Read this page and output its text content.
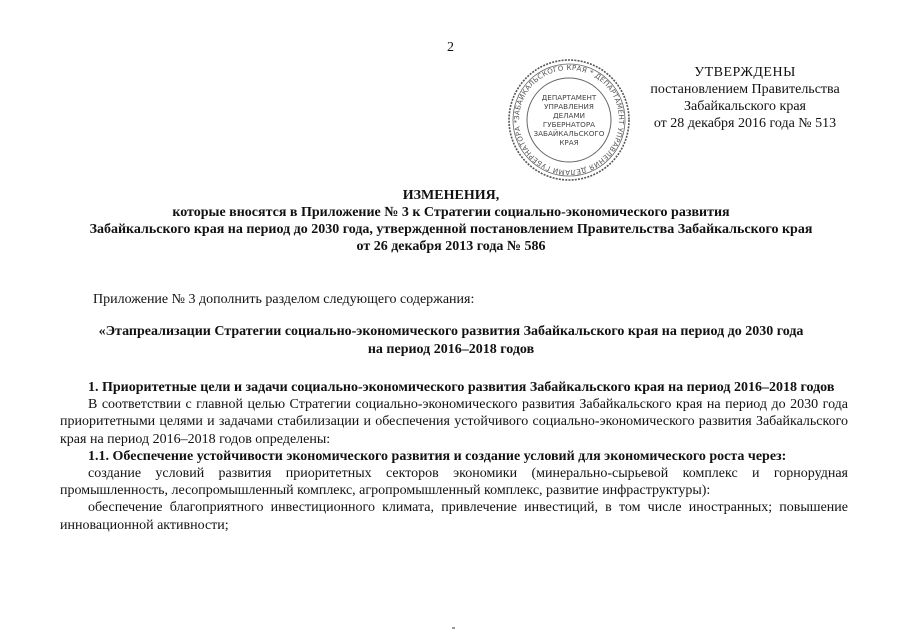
2
ЗАБАЙКАЛЬСКОГО КРАЯ * ДЕПАРТАМЕНТ УПРАВЛЕНИЯ ДЕЛАМИ ГУБЕРНАТОРА *
ДЕПАРТАМЕНТ
УПРАВЛЕНИЯ
ДЕЛАМИ
ГУБЕРНАТОРА
ЗАБАЙКАЛЬСКОГО
КРАЯ
УТВЕРЖДЕНЫ
постановлением Правительства
Забайкальского края
от 28 декабря 2016 года № 513
ИЗМЕНЕНИЯ,
которые вносятся в Приложение № 3 к Стратегии социально-экономического развития
Забайкальского края на период до 2030 года, утвержденной постановлением Правительства Забайкальского края
от 26 декабря 2013 года № 586
Приложение № 3 дополнить разделом следующего содержания:
«Этапреализации Стратегии социально-экономического развития Забайкальского края на период до 2030 года
на период 2016–2018 годов

1. Приоритетные цели и задачи социально-экономического развития Забайкальского края на период 2016–2018 годов

В соответствии с главной целью Стратегии социально-экономического развития Забайкальского края на период до 2030 года приоритетными целями и задачами стабилизации и обеспечения устойчивого социально-экономического развития Забайкальского края на период 2016–2018 годов определены:

1.1. Обеспечение устойчивости экономического развития и создание условий для экономического роста через:

создание условий развития приоритетных секторов экономики (минерально-сырьевой комплекс и горнорудная промышленность, лесопромышленный комплекс, агропромышленный комплекс, развитие инфраструктуры):

обеспечение благоприятного инвестиционного климата, привлечение инвестиций, в том числе иностранных; повышение инновационной активности;
